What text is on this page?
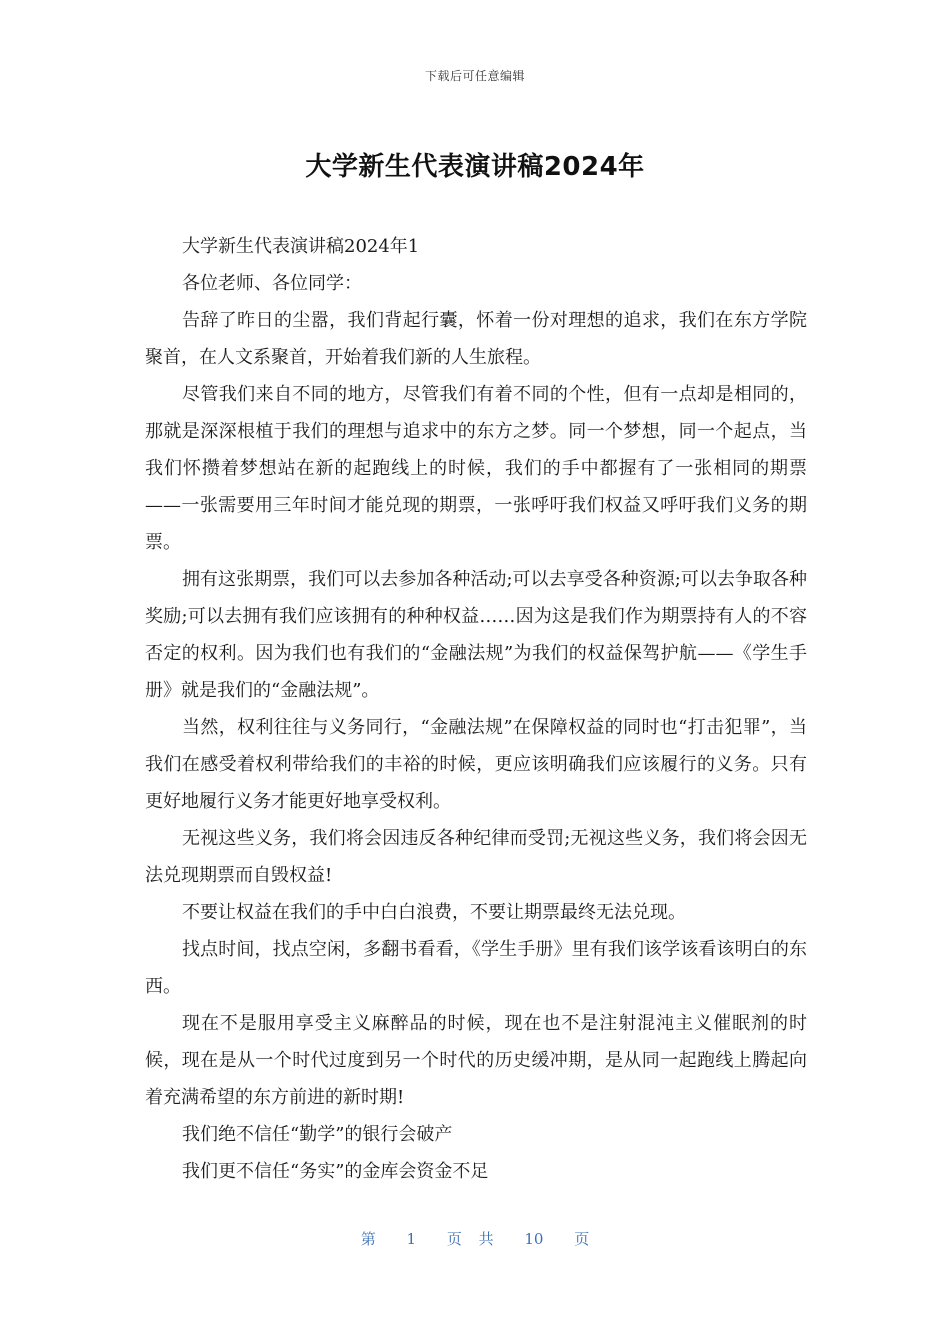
下载后可任意编辑
大学新生代表演讲稿2024年

大学新生代表演讲稿2024年1

各位老师、各位同学：

告辞了昨日的尘嚣，我们背起行囊，怀着一份对理想的追求，我们在东方学院聚首，在人文系聚首，开始着我们新的人生旅程。

尽管我们来自不同的地方，尽管我们有着不同的个性，但有一点却是相同的，那就是深深根植于我们的理想与追求中的东方之梦。同一个梦想，同一个起点，当我们怀攒着梦想站在新的起跑线上的时候，我们的手中都握有了一张相同的期票——一张需要用三年时间才能兑现的期票，一张呼吁我们权益又呼吁我们义务的期票。

拥有这张期票，我们可以去参加各种活动;可以去享受各种资源;可以去争取各种奖励;可以去拥有我们应该拥有的种种权益……因为这是我们作为期票持有人的不容否定的权利。因为我们也有我们的“金融法规”为我们的权益保驾护航——《学生手册》就是我们的“金融法规”。

当然，权利往往与义务同行，“金融法规”在保障权益的同时也“打击犯罪”，当我们在感受着权利带给我们的丰裕的时候，更应该明确我们应该履行的义务。只有更好地履行义务才能更好地享受权利。

无视这些义务，我们将会因违反各种纪律而受罚;无视这些义务，我们将会因无法兑现期票而自毁权益!

不要让权益在我们的手中白白浪费，不要让期票最终无法兑现。

找点时间，找点空闲，多翻书看看，《学生手册》里有我们该学该看该明白的东西。

现在不是服用享受主义麻醉品的时候，现在也不是注射混沌主义催眠剂的时候，现在是从一个时代过度到另一个时代的历史缓冲期，是从同一起跑线上腾起向着充满希望的东方前进的新时期!

我们绝不信任“勤学”的银行会破产

我们更不信任“务实”的金库会资金不足

第 1 页 共 10 页
